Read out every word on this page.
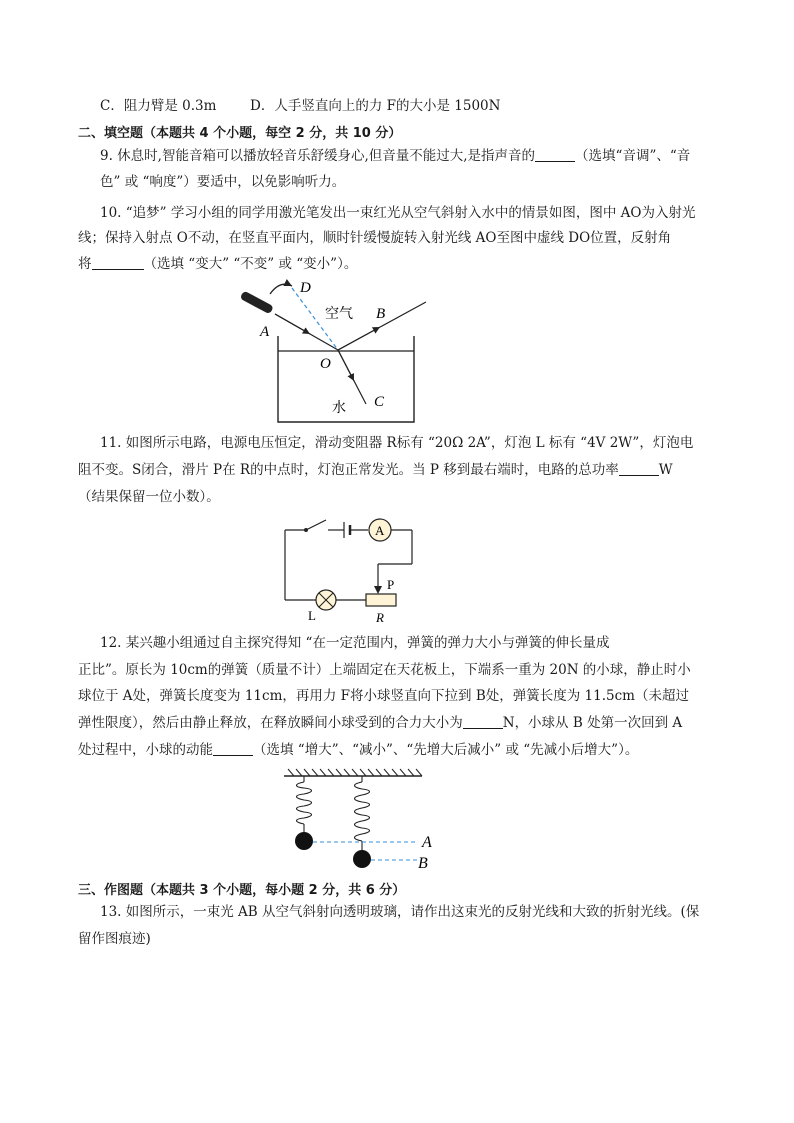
C．阻力臂是 0.3m D．人手竖直向上的力 F的大小是 1500N
二、填空题（本题共 4 个小题，每空 2 分，共 10 分）
9. 休息时,智能音箱可以播放轻音乐舒缓身心,但音量不能过大,是指声音的	（选填“音调”、“音
色” 或 “响度”）要适中，以免影响听力。
10. “追梦” 学习小组的同学用激光笔发出一束红光从空气斜射入水中的情景如图，图中 AO为入射光
线；保持入射点 O不动，在竖直平面内，顺时针缓慢旋转入射光线 AO至图中虚线 DO位置，反射角
将	（选填 “变大” “不变” 或 “变小”）。
D
A
空气 B
O
水 C
11. 如图所示电路，电源电压恒定，滑动变阻器 R标有 “20Ω 2A”，灯泡 L 标有 “4V 2W”，灯泡电
阻不变。S闭合，滑片 P在 R的中点时，灯泡正常发光。当 P 移到最右端时，电路的总功率	W
（结果保留一位小数）。
A
P
L	R
12. 某兴趣小组通过自主探究得知 “在一定范围内，弹簧的弹力大小与弹簧的伸长量成
正比”。原长为 10cm的弹簧（质量不计）上端固定在天花板上，下端系一重为 20N 的小球，静止时小
球位于 A处，弹簧长度变为 11cm，再用力 F将小球竖直向下拉到 B处，弹簧长度为 11.5cm（未超过
弹性限度），然后由静止释放，在释放瞬间小球受到的合力大小为	N，小球从 B 处第一次回到 A
处过程中，小球的动能	（选填 “增大”、“减小”、“先增大后减小” 或 “先减小后增大”）。
A
B
三、作图题（本题共 3 个小题，每小题 2 分，共 6 分）
13. 如图所示，一束光 AB 从空气斜射向透明玻璃，请作出这束光的反射光线和大致的折射光线。(保
留作图痕迹)
